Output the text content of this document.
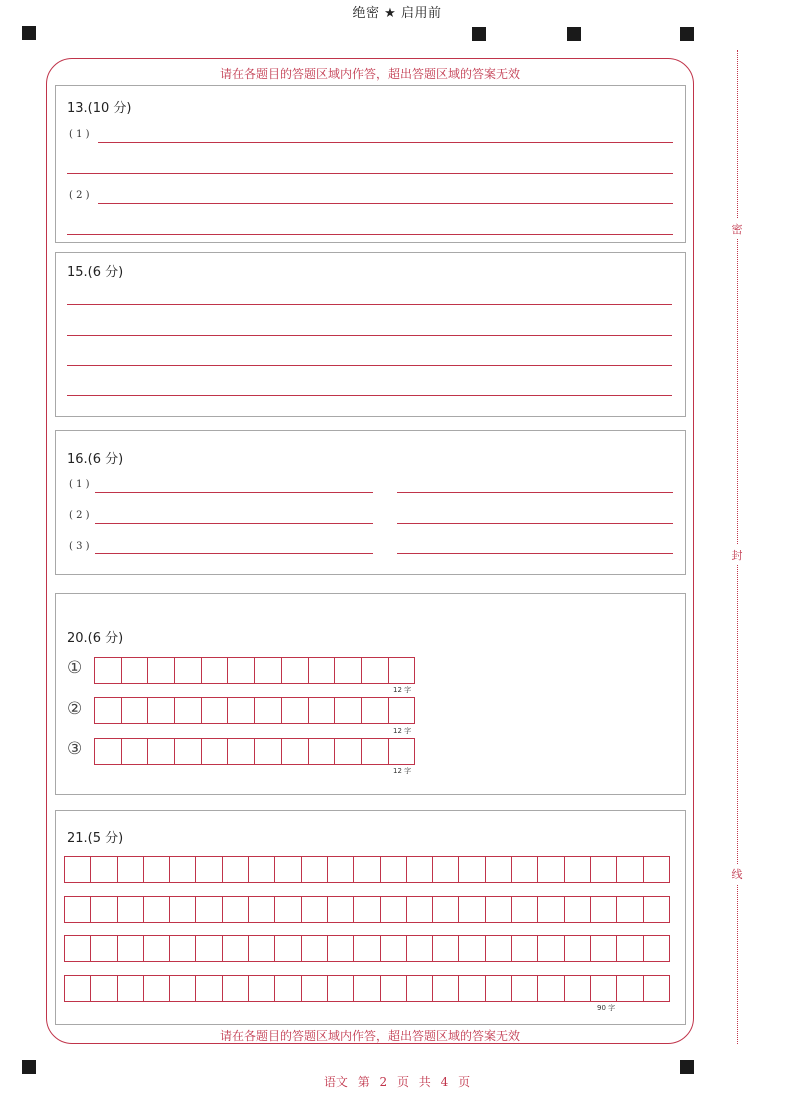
绝密 ★ 启用前
请在各题目的答题区域内作答，超出答题区域的答案无效
请在各题目的答题区域内作答，超出答题区域的答案无效
13.(10 分)
( 1 )
( 2 )
15.(6 分)
16.(6 分)
( 1 )
( 2 )
( 3 )
20.(6 分)
①
12 字
②
12 字
③
12 字
21.(5 分)
90 字
密
封
线
语文 第 2 页 共 4 页
